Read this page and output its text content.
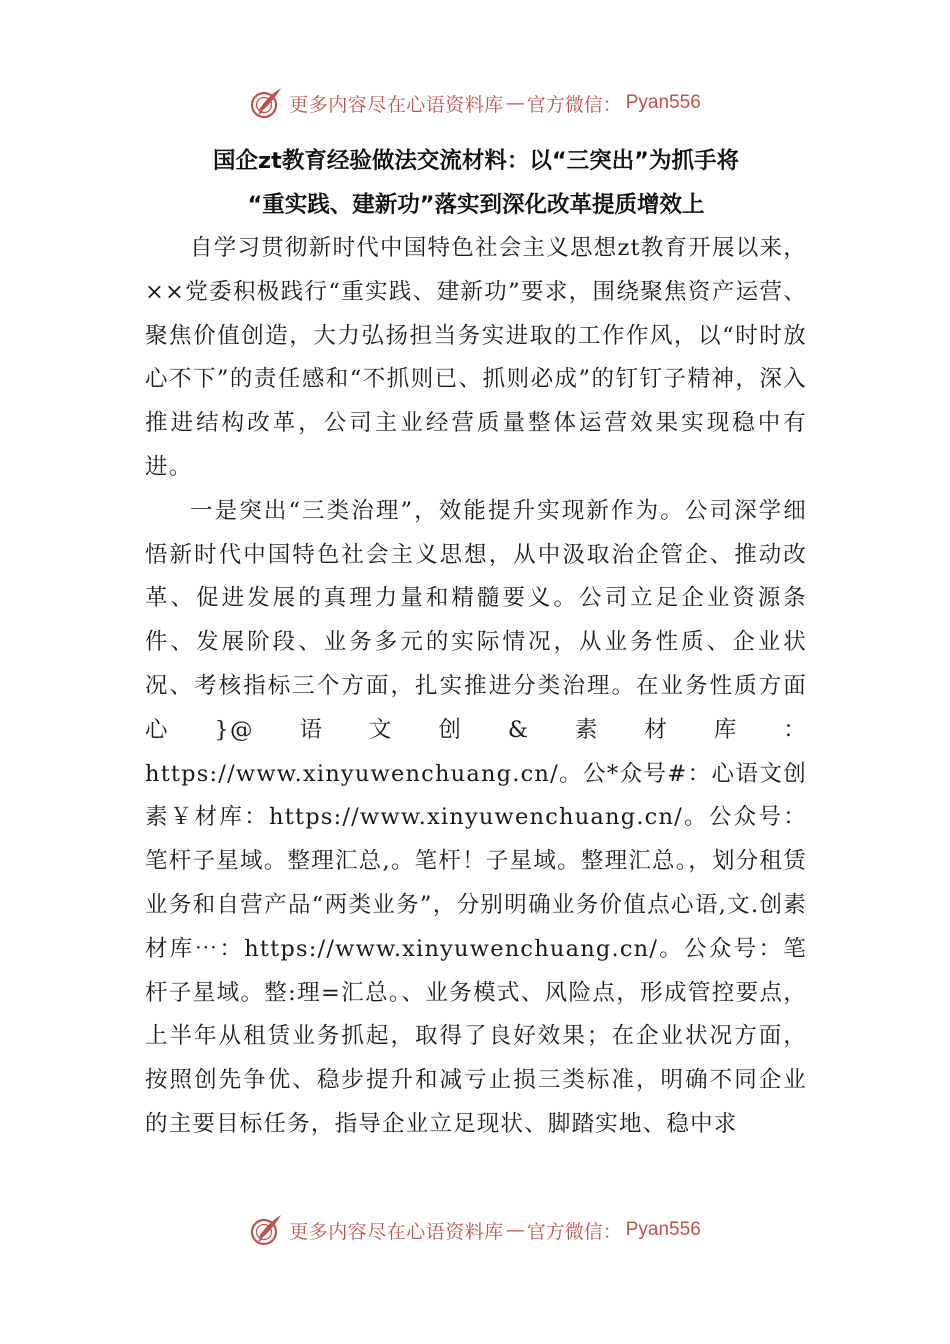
更多内容尽在心语资料库 — 官方微信： Pyan556
国企zt教育经验做法交流材料：以“三突出”为抓手将
“重实践、建新功”落实到深化改革提质增效上

自学习贯彻新时代中国特色社会主义思想zt教育开展以来，××党委积极践行“重实践、建新功”要求，围绕聚焦资产运营、聚焦价值创造，大力弘扬担当务实进取的工作作风，以“时时放心不下”的责任感和“不抓则已、抓则必成”的钉钉子精神，深入推进结构改革，公司主业经营质量整体运营效果实现稳中有进。

一是突出“三类治理”，效能提升实现新作为。公司深学细悟新时代中国特色社会主义思想，从中汲取治企管企、推动改革、促进发展的真理力量和精髓要义。公司立足企业资源条件、发展阶段、业务多元的实际情况，从业务性质、企业状况、考核指标三个方面，扎实推进分类治理。在业务性质方面心}@语文创&素材库：https://www.xinyuwenchuang.cn/。公*众号#：心语文创素￥材库：https://www.xinyuwenchuang.cn/。公众号：笔杆子星域。整理汇总,。笔杆！子星域。整理汇总。，划分租赁业务和自营产品“两类业务”，分别明确业务价值点心语,文.创素材库⋯：https://www.xinyuwenchuang.cn/。公众号：笔杆子星域。整:理=汇总。、业务模式、风险点，形成管控要点，上半年从租赁业务抓起，取得了良好效果；在企业状况方面，按照创先争优、稳步提升和减亏止损三类标准，明确不同企业的主要目标任务，指导企业立足现状、脚踏实地、稳中求

更多内容尽在心语资料库 — 官方微信： Pyan556
